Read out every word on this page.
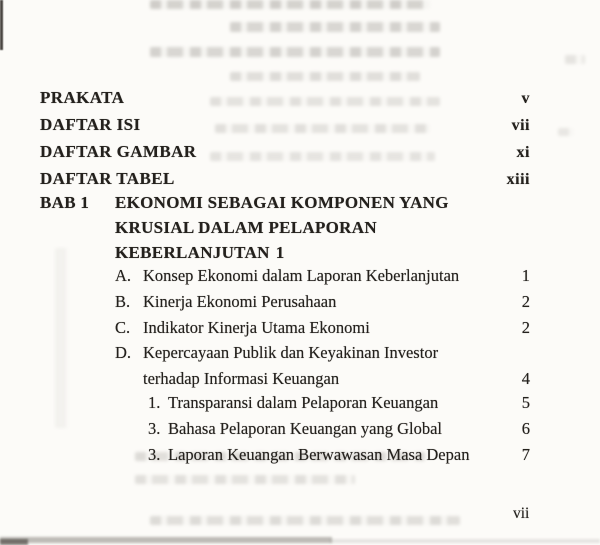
PRAKATA	v
DAFTAR ISI	vii
DAFTAR GAMBAR	xi
DAFTAR TABEL	xiii
BAB 1	EKONOMI SEBAGAI KOMPONEN YANG
KRUSIAL DALAM PELAPORAN KEBERLANJUTAN 1
A. Konsep Ekonomi dalam Laporan Keberlanjutan	1
B. Kinerja Ekonomi Perusahaan	2
C. Indikator Kinerja Utama Ekonomi	2
D. Kepercayaan Publik dan Keyakinan Investor
terhadap Informasi Keuangan	4
1. Transparansi dalam Pelaporan Keuangan	5
3. Bahasa Pelaporan Keuangan yang Global	6
3. Laporan Keuangan Berwawasan Masa Depan	7
vii
